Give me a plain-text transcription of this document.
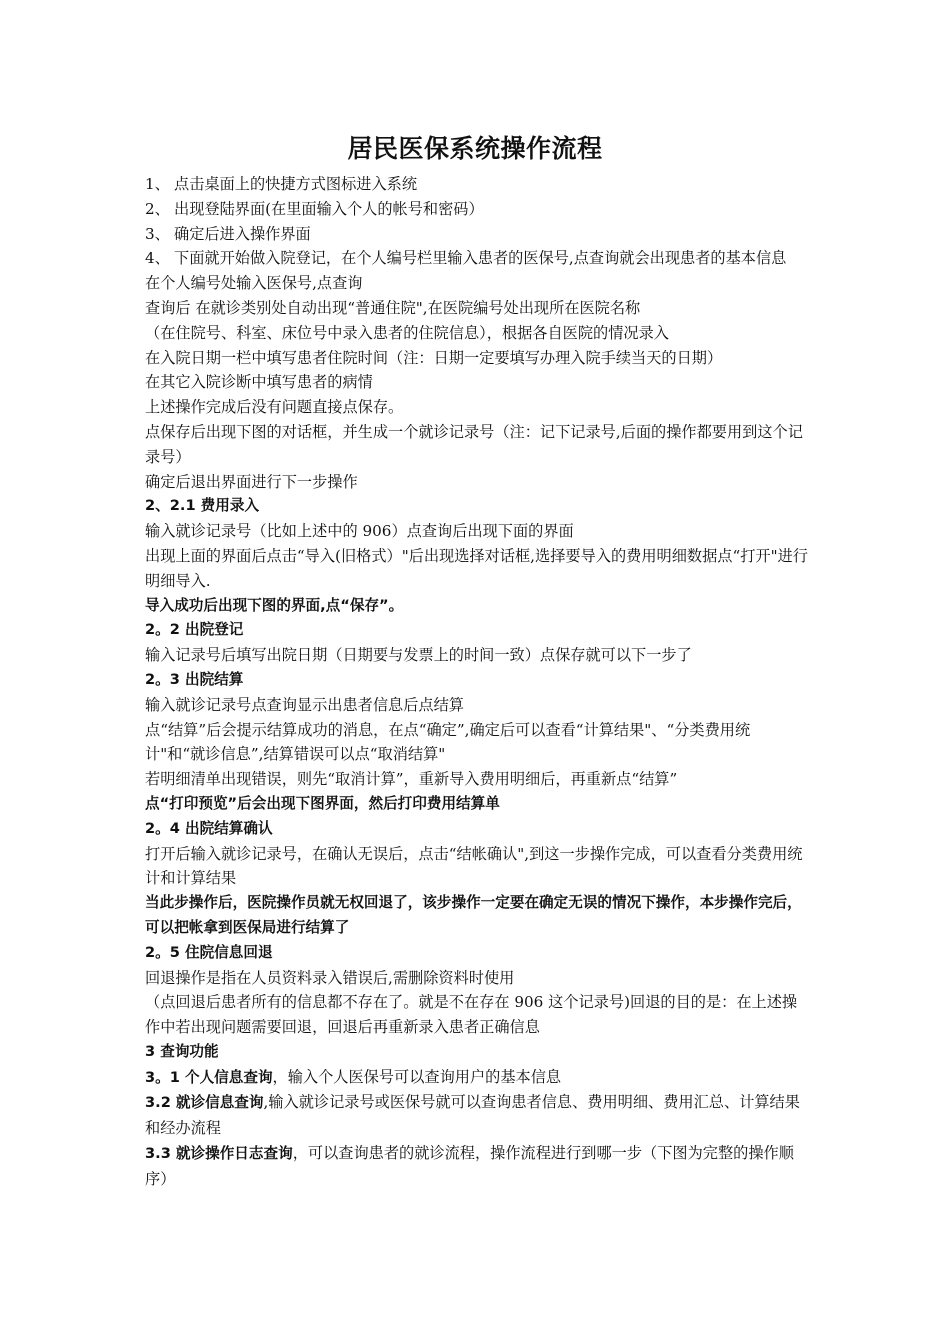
居民医保系统操作流程

1、 点击桌面上的快捷方式图标进入系统

2、 出现登陆界面(在里面输入个人的帐号和密码）

3、 确定后进入操作界面

4、 下面就开始做入院登记，在个人编号栏里输入患者的医保号,点查询就会出现患者的基本信息

在个人编号处输入医保号,点查询

查询后 在就诊类别处自动出现“普通住院",在医院编号处出现所在医院名称

（在住院号、科室、床位号中录入患者的住院信息），根据各自医院的情况录入

在入院日期一栏中填写患者住院时间（注：日期一定要填写办理入院手续当天的日期）

在其它入院诊断中填写患者的病情

上述操作完成后没有问题直接点保存。

点保存后出现下图的对话框，并生成一个就诊记录号（注：记下记录号,后面的操作都要用到这个记录号）

确定后退出界面进行下一步操作

2、2.1 费用录入

输入就诊记录号（比如上述中的 906）点查询后出现下面的界面

出现上面的界面后点击“导入(旧格式）"后出现选择对话框,选择要导入的费用明细数据点“打开"进行明细导入.

导入成功后出现下图的界面,点“保存”。

2。2 出院登记

输入记录号后填写出院日期（日期要与发票上的时间一致）点保存就可以下一步了

2。3 出院结算

输入就诊记录号点查询显示出患者信息后点结算

点“结算”后会提示结算成功的消息，在点“确定”,确定后可以查看“计算结果"、“分类费用统计"和“就诊信息”,结算错误可以点“取消结算"

若明细清单出现错误，则先“取消计算”，重新导入费用明细后，再重新点“结算”

点“打印预览”后会出现下图界面，然后打印费用结算单

2。4 出院结算确认

打开后输入就诊记录号，在确认无误后，点击“结帐确认",到这一步操作完成，可以查看分类费用统计和计算结果

当此步操作后，医院操作员就无权回退了，该步操作一定要在确定无误的情况下操作，本步操作完后，可以把帐拿到医保局进行结算了

2。5 住院信息回退

回退操作是指在人员资料录入错误后,需删除资料时使用

（点回退后患者所有的信息都不存在了。就是不在存在 906 这个记录号)回退的目的是：在上述操作中若出现问题需要回退，回退后再重新录入患者正确信息

3 查询功能

3。1 个人信息查询，输入个人医保号可以查询用户的基本信息

3.2 就诊信息查询,输入就诊记录号或医保号就可以查询患者信息、费用明细、费用汇总、计算结果和经办流程

3.3 就诊操作日志查询，可以查询患者的就诊流程，操作流程进行到哪一步（下图为完整的操作顺序）
